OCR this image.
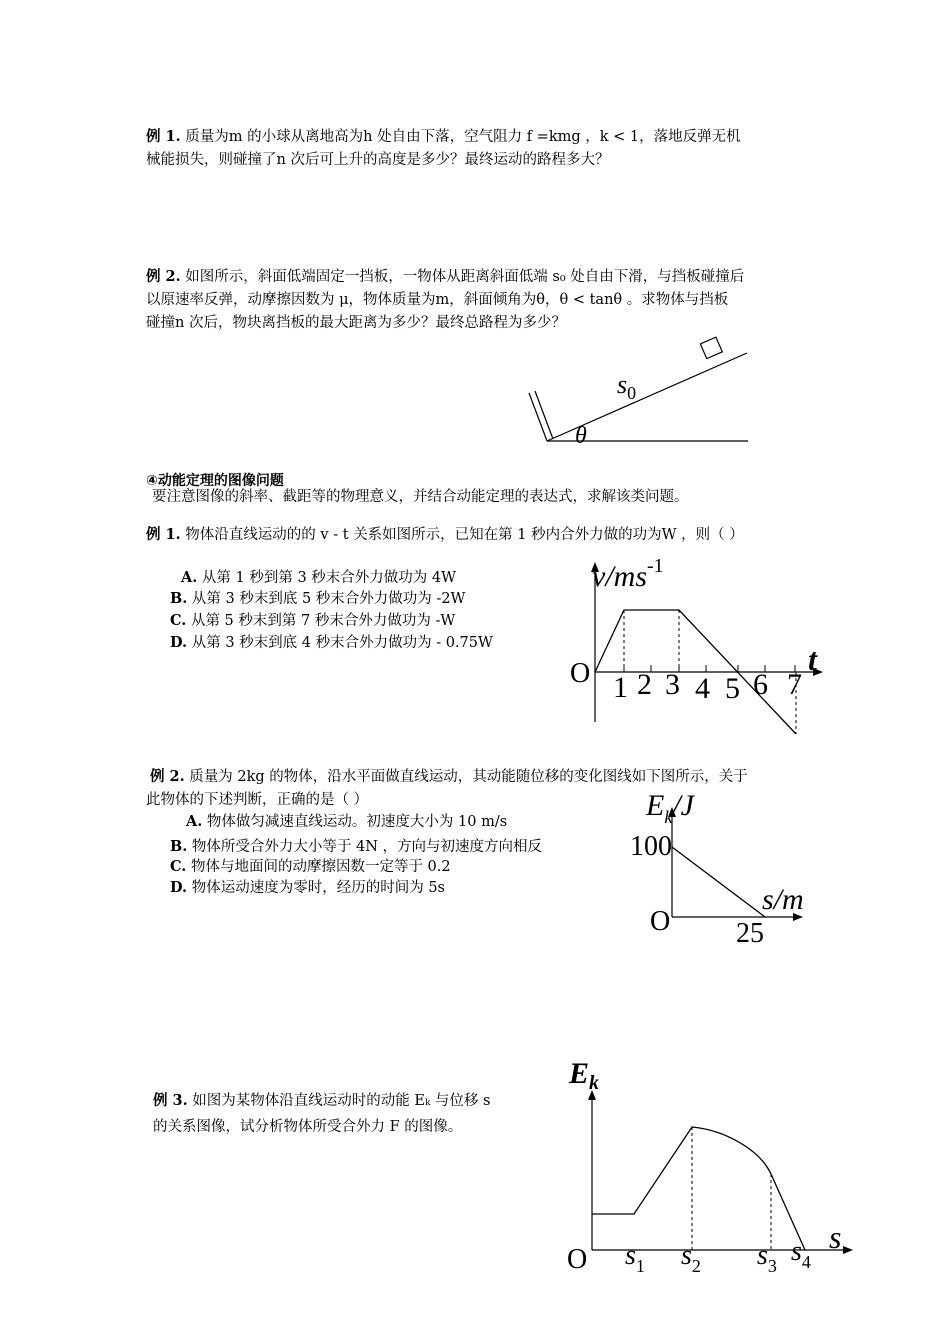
例 1. 质量为m 的小球从离地高为h 处自由下落，空气阻力 f =kmg ，k < 1，落地反弹无机
械能损失，则碰撞了n 次后可上升的高度是多少？最终运动的路程多大？
例 2. 如图所示，斜面低端固定一挡板，一物体从距离斜面低端 s₀ 处自由下滑，与挡板碰撞后
以原速率反弹，动摩擦因数为 μ，物体质量为m，斜面倾角为θ，θ < tanθ 。求物体与挡板
碰撞n 次后，物块离挡板的最大距离为多少？最终总路程为多少？
$s_0$
θ
④动能定理的图像问题
要注意图像的斜率、截距等的物理意义，并结合动能定理的表达式，求解该类问题。
例 1. 物体沿直线运动的的 v - t 关系如图所示，已知在第 1 秒内合外力做的功为W ，则（ ）
A. 从第 1 秒到第 3 秒末合外力做功为 4W
B. 从第 3 秒末到底 5 秒末合外力做功为 -2W
C. 从第 5 秒末到第 7 秒末合外力做功为 -W
D. 从第 3 秒末到底 4 秒末合外力做功为 - 0.75W
$v/ms^{-1}$
O	t
1 2 3 4 5 6 7
例 2. 质量为 2kg 的物体，沿水平面做直线运动，其动能随位移的变化图线如下图所示，关于
此物体的下述判断，正确的是（ ）
A. 物体做匀减速直线运动。初速度大小为 10 m/s
B. 物体所受合外力大小等于 4N ，方向与初速度方向相反
C. 物体与地面间的动摩擦因数一定等于 0.2
D. 物体运动速度为零时，经历的时间为 5s
$E_k/J$
100
O 25
s/m
例 3. 如图为某物体沿直线运动时的动能 Eₖ 与位移 s
的关系图像，试分析物体所受合外力 F 的图像。
$E_k$
O
s
$s_1$ $s_2$ $s_3$ $s_4$
